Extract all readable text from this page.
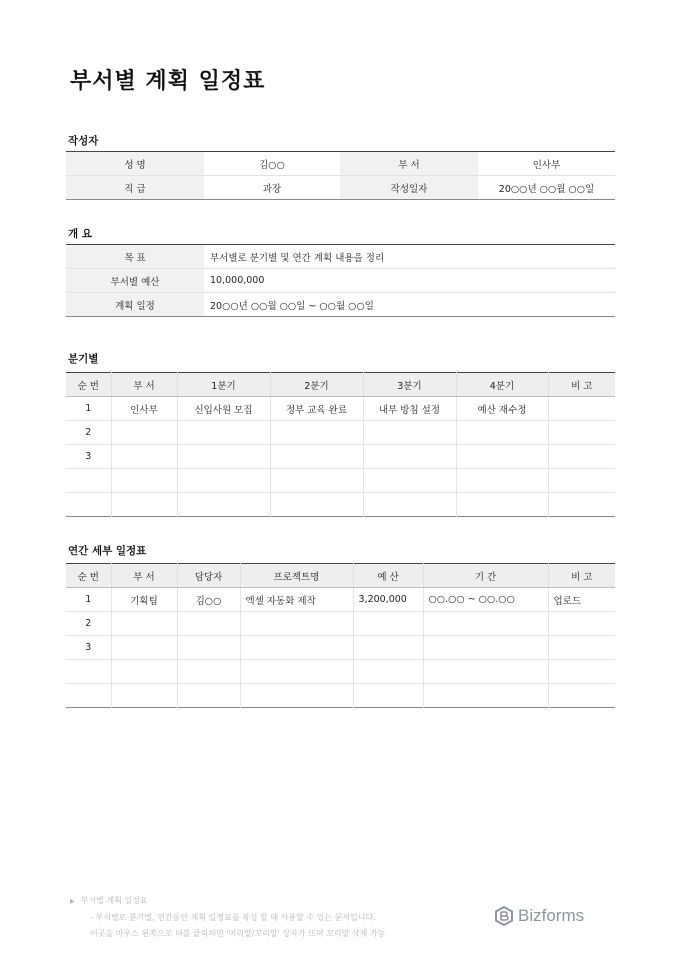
부서별 계획 일정표
작성자
성 명	김○○	부 서	인사부
직 급	과장	작성일자	20○○년 ○○월 ○○일
개 요
목 표	부서별로 분기별 및 연간 계획 내용을 정리
부서별 예산	10,000,000
계획 일정	20○○년 ○○월 ○○일 ~ ○○월 ○○일
분기별
순 번	부 서	1분기	2분기	3분기	4분기	비 고
1	인사부	신입사원 모집	정부 교육 완료	내부 방침 설정	예산 재수정	
2						
3						

연간 세부 일정표
순 번	부 서	담당자	프로젝트명	예 산	기 간	비 고
1	기획팀	김○○	엑셀 자동화 제작	3,200,000	○○.○○ ~ ○○.○○	업로드
2						
3						

▶ 부서별 계획 일정표
- 부서별로 분기별, 연간동안 계획 일정표를 작성 할 때 사용할 수 있는 문서입니다.
이곳을 마우스 왼쪽으로 더블 클릭하면 '머리말/꼬리말' 상자가 뜨며 꼬리말 삭제 가능
Bizforms
